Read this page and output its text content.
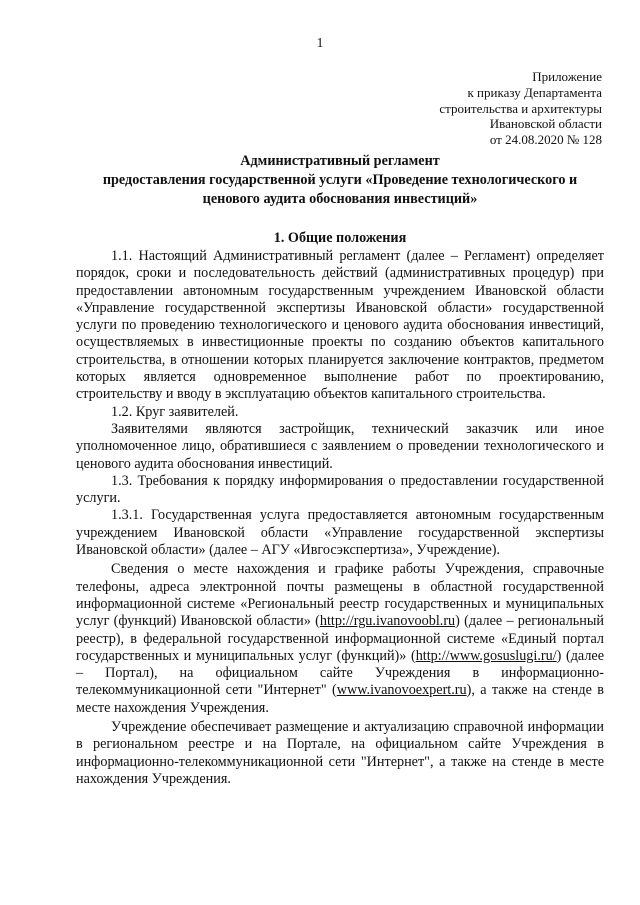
1
Приложение
к приказу Департамента
строительства и архитектуры
Ивановской области
от 24.08.2020 № 128
Административный регламент
предоставления государственной услуги «Проведение технологического и
ценового аудита обоснования инвестиций»
1. Общие положения

1.1. Настоящий Административный регламент (далее – Регламент) определяет порядок, сроки и последовательность действий (административных процедур) при предоставлении автономным государственным учреждением Ивановской области «Управление государственной экспертизы Ивановской области» государственной услуги по проведению технологического и ценового аудита обоснования инвестиций, осуществляемых в инвестиционные проекты по созданию объектов капитального строительства, в отношении которых планируется заключение контрактов, предметом которых является одновременное выполнение работ по проектированию, строительству и вводу в эксплуатацию объектов капитального строительства.

1.2. Круг заявителей.

Заявителями являются застройщик, технический заказчик или иное уполномоченное лицо, обратившиеся с заявлением о проведении технологического и ценового аудита обоснования инвестиций.

1.3. Требования к порядку информирования о предоставлении государственной услуги.

1.3.1. Государственная услуга предоставляется автономным государственным учреждением Ивановской области «Управление государственной экспертизы Ивановской области» (далее – АГУ «Ивгосэкспертиза», Учреждение).

Сведения о месте нахождения и графике работы Учреждения, справочные телефоны, адреса электронной почты размещены в областной государственной информационной системе «Региональный реестр государственных и муниципальных услуг (функций) Ивановской области» (http://rgu.ivanovoobl.ru) (далее – региональный реестр), в федеральной государственной информационной системе «Единый портал государственных и муниципальных услуг (функций)» (http://www.gosuslugi.ru/) (далее – Портал), на официальном сайте Учреждения в информационно-телекоммуникационной сети "Интернет" (www.ivanovoexpert.ru), а также на стенде в месте нахождения Учреждения.

Учреждение обеспечивает размещение и актуализацию справочной информации в региональном реестре и на Портале, на официальном сайте Учреждения в информационно-телекоммуникационной сети "Интернет", а также на стенде в месте нахождения Учреждения.
